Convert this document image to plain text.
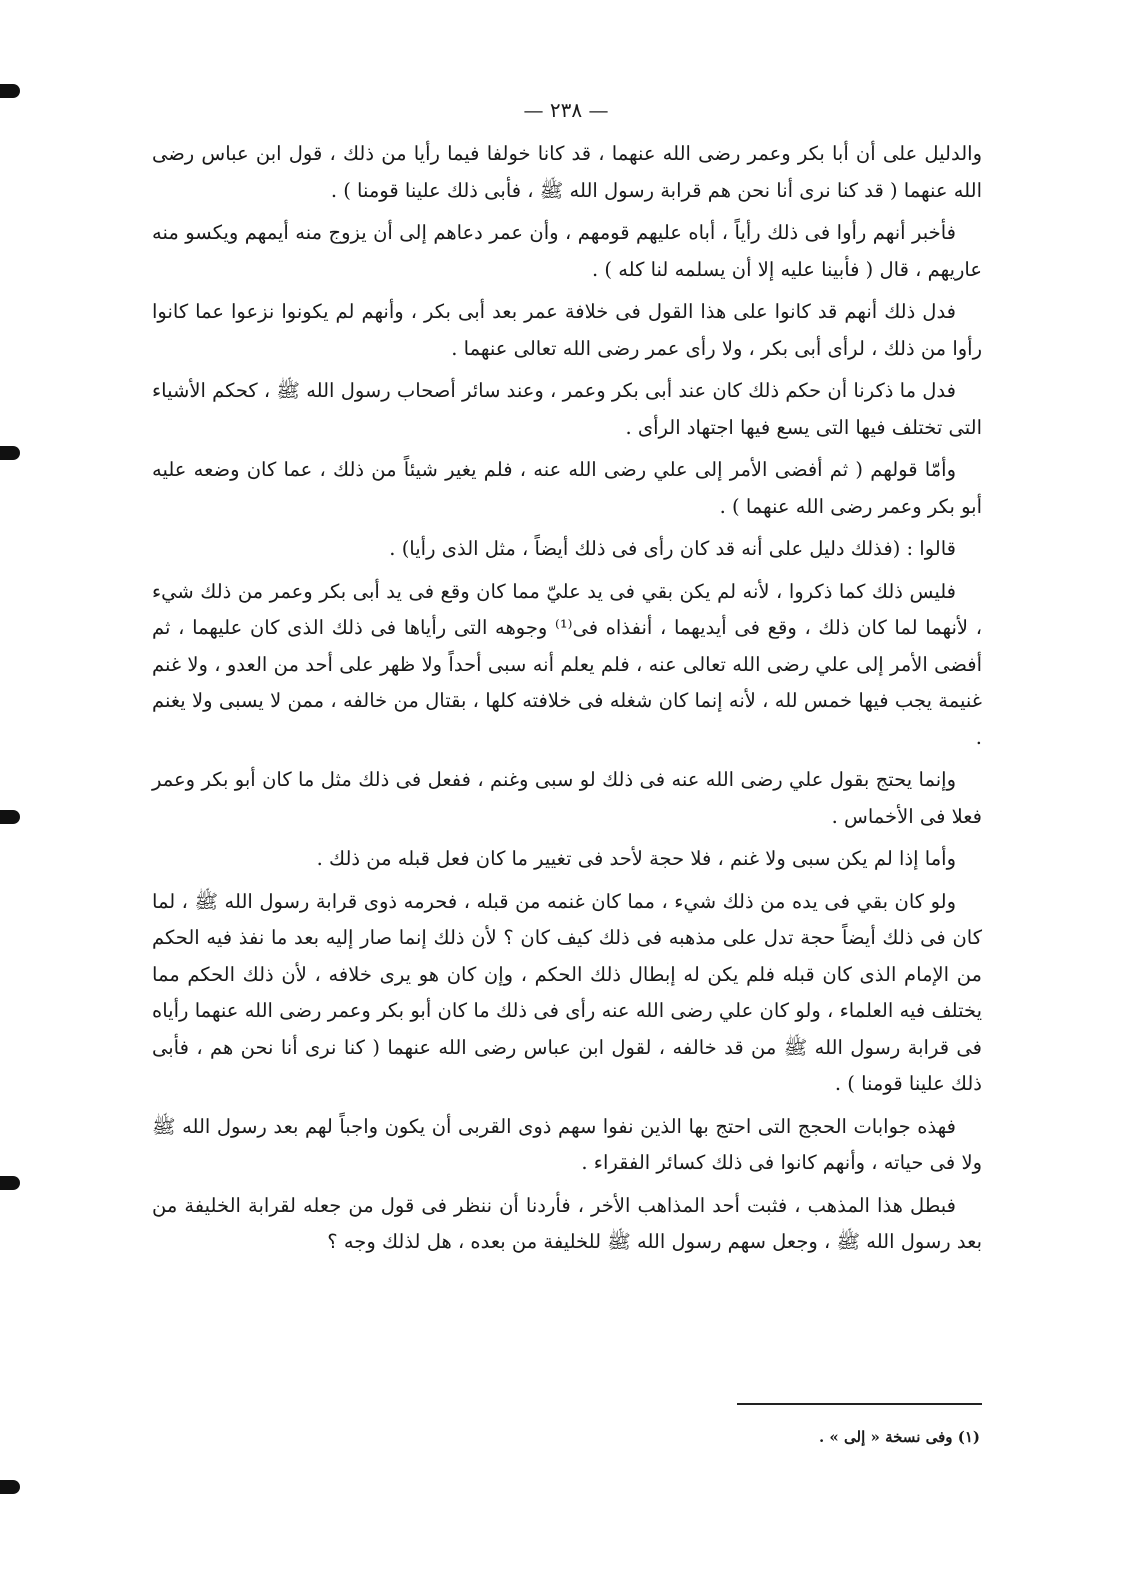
— ٢٣٨ —

والدليل على أن أبا بكر وعمر رضى الله عنهما ، قد كانا خولفا فيما رأيا من ذلك ، قول ابن عباس رضى الله عنهما ( قد كنا نرى أنا نحن هم قرابة رسول الله ﷺ ، فأبى ذلك علينا قومنا ) .

فأخبر أنهم رأوا فى ذلك رأياً ، أباه عليهم قومهم ، وأن عمر دعاهم إلى أن يزوج منه أيمهم ويكسو منه عاريهم ، قال ( فأبينا عليه إلا أن يسلمه لنا كله ) .

فدل ذلك أنهم قد كانوا على هذا القول فى خلافة عمر بعد أبى بكر ، وأنهم لم يكونوا نزعوا عما كانوا رأوا من ذلك ، لرأى أبى بكر ، ولا رأى عمر رضى الله تعالى عنهما .

فدل ما ذكرنا أن حكم ذلك كان عند أبى بكر وعمر ، وعند سائر أصحاب رسول الله ﷺ ، كحكم الأشياء التى تختلف فيها التى يسع فيها اجتهاد الرأى .

وأمّا قولهم ( ثم أفضى الأمر إلى علي رضى الله عنه ، فلم يغير شيئاً من ذلك ، عما كان وضعه عليه أبو بكر وعمر رضى الله عنهما ) .

قالوا : (فذلك دليل على أنه قد كان رأى فى ذلك أيضاً ، مثل الذى رأيا) .

فليس ذلك كما ذكروا ، لأنه لم يكن بقي فى يد عليّ مما كان وقع فى يد أبى بكر وعمر من ذلك شيء ، لأنهما لما كان ذلك ، وقع فى أيديهما ، أنفذاه فى⁽¹⁾ وجوهه التى رأياها فى ذلك الذى كان عليهما ، ثم أفضى الأمر إلى علي رضى الله تعالى عنه ، فلم يعلم أنه سبى أحداً ولا ظهر على أحد من العدو ، ولا غنم غنيمة يجب فيها خمس لله ، لأنه إنما كان شغله فى خلافته كلها ، بقتال من خالفه ، ممن لا يسبى ولا يغنم .

وإنما يحتج بقول علي رضى الله عنه فى ذلك لو سبى وغنم ، ففعل فى ذلك مثل ما كان أبو بكر وعمر فعلا فى الأخماس .

وأما إذا لم يكن سبى ولا غنم ، فلا حجة لأحد فى تغيير ما كان فعل قبله من ذلك .

ولو كان بقي فى يده من ذلك شيء ، مما كان غنمه من قبله ، فحرمه ذوى قرابة رسول الله ﷺ ، لما كان فى ذلك أيضاً حجة تدل على مذهبه فى ذلك كيف كان ؟ لأن ذلك إنما صار إليه بعد ما نفذ فيه الحكم من الإمام الذى كان قبله فلم يكن له إبطال ذلك الحكم ، وإن كان هو يرى خلافه ، لأن ذلك الحكم مما يختلف فيه العلماء ، ولو كان علي رضى الله عنه رأى فى ذلك ما كان أبو بكر وعمر رضى الله عنهما رأياه فى قرابة رسول الله ﷺ من قد خالفه ، لقول ابن عباس رضى الله عنهما ( كنا نرى أنا نحن هم ، فأبى ذلك علينا قومنا ) .

فهذه جوابات الحجج التى احتج بها الذين نفوا سهم ذوى القربى أن يكون واجباً لهم بعد رسول الله ﷺ ولا فى حياته ، وأنهم كانوا فى ذلك كسائر الفقراء .

فبطل هذا المذهب ، فثبت أحد المذاهب الأخر ، فأردنا أن ننظر فى قول من جعله لقرابة الخليفة من بعد رسول الله ﷺ ، وجعل سهم رسول الله ﷺ للخليفة من بعده ، هل لذلك وجه ؟

(١) وفى نسخة « إلى » .
